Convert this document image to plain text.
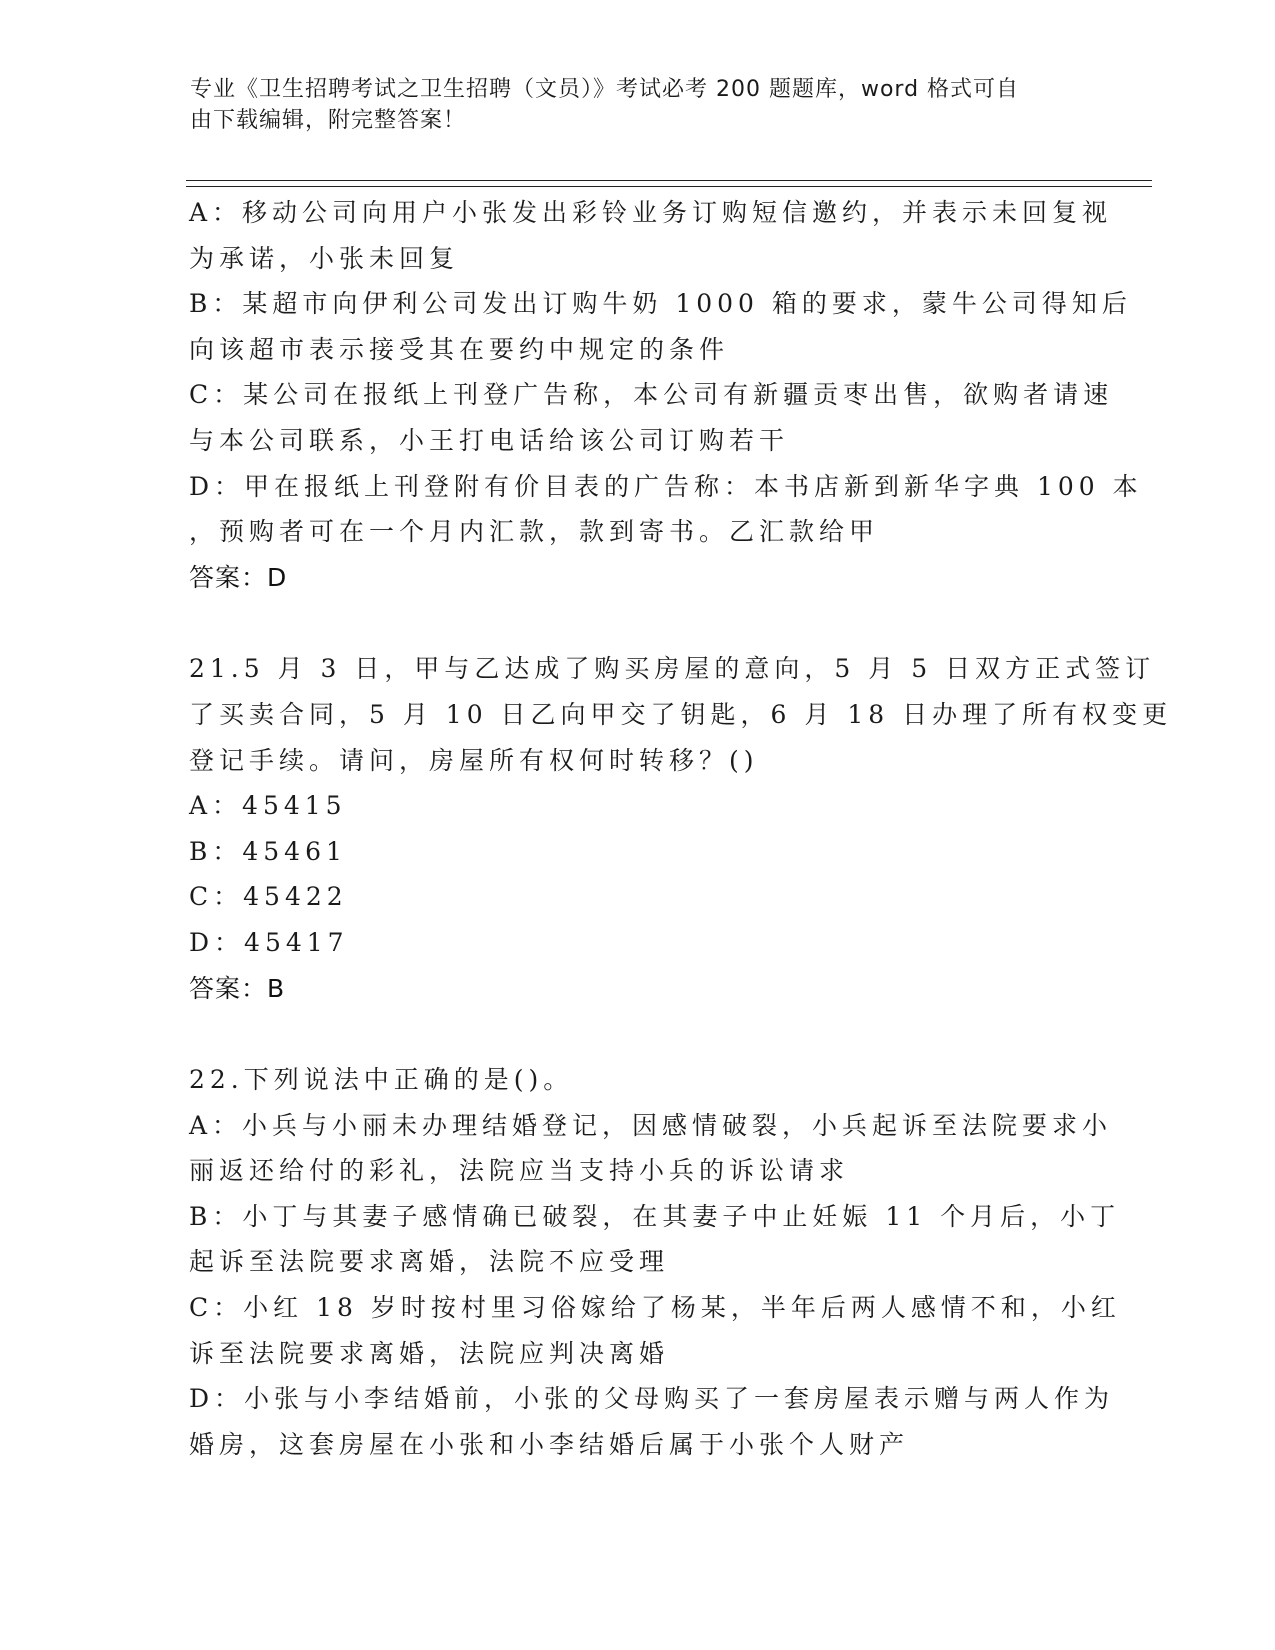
专业《卫生招聘考试之卫生招聘（文员）》考试必考 200 题题库，word 格式可自
由下载编辑，附完整答案！
A：移动公司向用户小张发出彩铃业务订购短信邀约，并表示未回复视
为承诺，小张未回复
B：某超市向伊利公司发出订购牛奶 1000 箱的要求，蒙牛公司得知后
向该超市表示接受其在要约中规定的条件
C：某公司在报纸上刊登广告称，本公司有新疆贡枣出售，欲购者请速
与本公司联系，小王打电话给该公司订购若干
D：甲在报纸上刊登附有价目表的广告称：本书店新到新华字典 100 本
，预购者可在一个月内汇款，款到寄书。乙汇款给甲
答案：D
21.5 月 3 日，甲与乙达成了购买房屋的意向，5 月 5 日双方正式签订
了买卖合同，5 月 10 日乙向甲交了钥匙，6 月 18 日办理了所有权变更
登记手续。请问，房屋所有权何时转移？()
A：45415
B：45461
C：45422
D：45417
答案：B
22.下列说法中正确的是()。
A：小兵与小丽未办理结婚登记，因感情破裂，小兵起诉至法院要求小
丽返还给付的彩礼，法院应当支持小兵的诉讼请求
B：小丁与其妻子感情确已破裂，在其妻子中止妊娠 11 个月后，小丁
起诉至法院要求离婚，法院不应受理
C：小红 18 岁时按村里习俗嫁给了杨某，半年后两人感情不和，小红
诉至法院要求离婚，法院应判决离婚
D：小张与小李结婚前，小张的父母购买了一套房屋表示赠与两人作为
婚房，这套房屋在小张和小李结婚后属于小张个人财产
